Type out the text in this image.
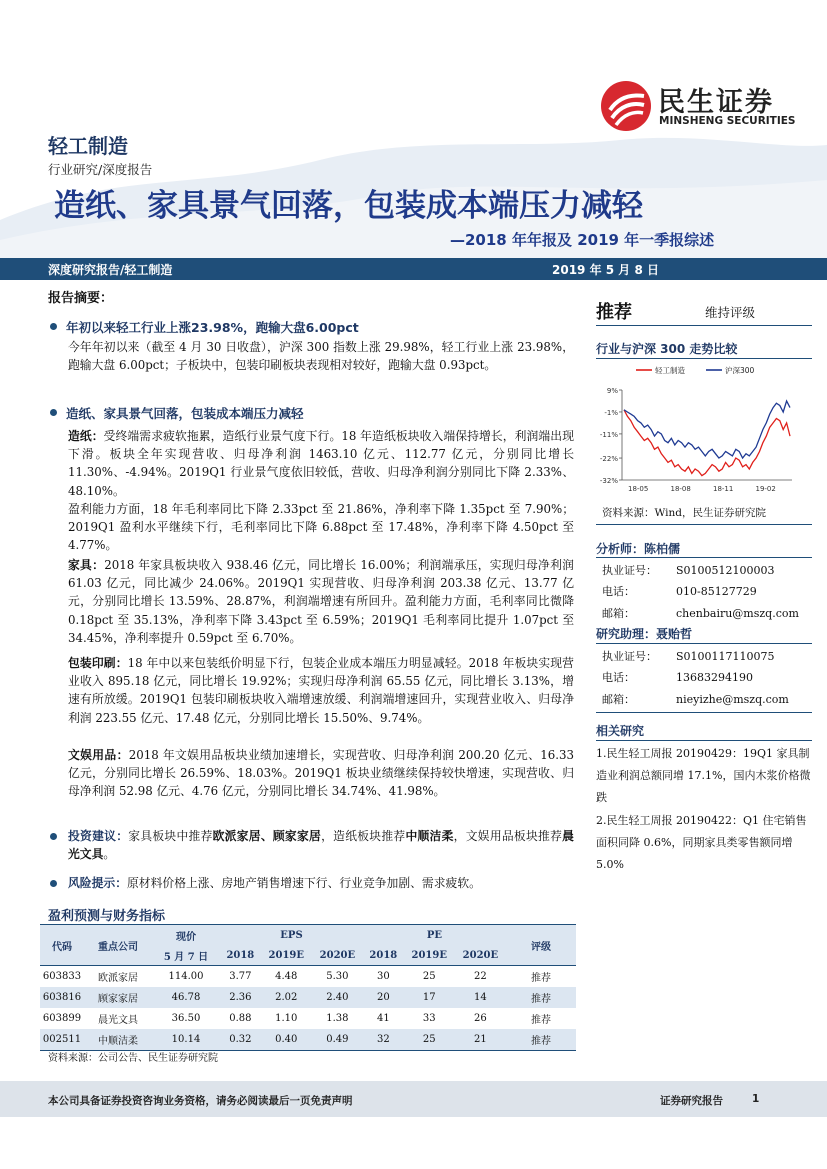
民生证券
MINSHENG SECURITIES
轻工制造
行业研究/深度报告
造纸、家具景气回落，包装成本端压力减轻
—2018 年年报及 2019 年一季报综述
深度研究报告/轻工制造	2019 年 5 月 8 日
报告摘要：
年初以来轻工行业上涨23.98%，跑输大盘6.00pct
今年年初以来（截至 4 月 30 日收盘），沪深 300 指数上涨 29.98%，轻工行业上涨 23.98%，跑输大盘 6.00pct；子板块中，包装印刷板块表现相对较好，跑输大盘 0.93pct。
造纸、家具景气回落，包装成本端压力减轻
造纸：受终端需求疲软拖累，造纸行业景气度下行。18 年造纸板块收入端保持增长，利润端出现下滑。板块全年实现营收、归母净利润 1463.10 亿元、112.77 亿元，分别同比增长 11.30%、-4.94%。2019Q1 行业景气度依旧较低，营收、归母净利润分别同比下降 2.33%、48.10%。
盈利能力方面，18 年毛利率同比下降 2.33pct 至 21.86%，净利率下降 1.35pct 至 7.90%；2019Q1 盈利水平继续下行，毛利率同比下降 6.88pct 至 17.48%，净利率下降 4.50pct 至 4.77%。
家具：2018 年家具板块收入 938.46 亿元，同比增长 16.00%；利润端承压，实现归母净利润 61.03 亿元，同比减少 24.06%。2019Q1 实现营收、归母净利润 203.38 亿元、13.77 亿元，分别同比增长 13.59%、28.87%，利润端增速有所回升。盈利能力方面，毛利率同比微降 0.18pct 至 35.13%，净利率下降 3.43pct 至 6.59%；2019Q1 毛利率同比提升 1.07pct 至 34.45%，净利率提升 0.59pct 至 6.70%。
包装印刷：18 年中以来包装纸价明显下行，包装企业成本端压力明显减轻。2018 年板块实现营业收入 895.18 亿元，同比增长 19.92%；实现归母净利润 65.55 亿元，同比增长 3.13%，增速有所放缓。2019Q1 包装印刷板块收入端增速放缓、利润端增速回升，实现营业收入、归母净利润 223.55 亿元、17.48 亿元，分别同比增长 15.50%、9.74%。
文娱用品：2018 年文娱用品板块业绩加速增长，实现营收、归母净利润 200.20 亿元、16.33 亿元，分别同比增长 26.59%、18.03%。2019Q1 板块业绩继续保持较快增速，实现营收、归母净利润 52.98 亿元、4.76 亿元，分别同比增长 34.74%、41.98%。
投资建议：家具板块中推荐欧派家居、顾家家居，造纸板块推荐中顺洁柔，文娱用品板块推荐晨光文具。
风险提示：原材料价格上涨、房地产销售增速下行、行业竞争加剧、需求疲软。
推荐	维持评级
行业与沪深 300 走势比较
9%
-1%
-11%
-22%
-32%
18-05	18-08	18-11	19-02
轻工制造	沪深300
资料来源：Wind，民生证券研究院
分析师：陈柏儒
执业证号： S0100512100003
电话：	010-85127729
邮箱：	chenbairu@mszq.com
研究助理：聂贻哲
执业证号： S0100117110075
电话：	13683294190
邮箱：	nieyizhe@mszq.com
相关研究
1.民生轻工周报 20190429：19Q1 家具制造业利润总额同增 17.1%，国内木浆价格微跌
2.民生轻工周报 20190422：Q1 住宅销售面积同降 0.6%，同期家具类零售额同增 5.0%
盈利预测与财务指标
代码	重点公司	现价	EPS			PE			评级
		5 月 7 日	2018	2019E	2020E	2018	2019E	2020E	
603833	欧派家居	114.00	3.77	4.48	5.30	30	25	22	推荐
603816	顾家家居	46.78	2.36	2.02	2.40	20	17	14	推荐
603899	晨光文具	36.50	0.88	1.10	1.38	41	33	26	推荐
002511	中顺洁柔	10.14	0.32	0.40	0.49	32	25	21	推荐
资料来源：公司公告、民生证券研究院
本公司具备证券投资咨询业务资格，请务必阅读最后一页免责声明	证券研究报告	1
